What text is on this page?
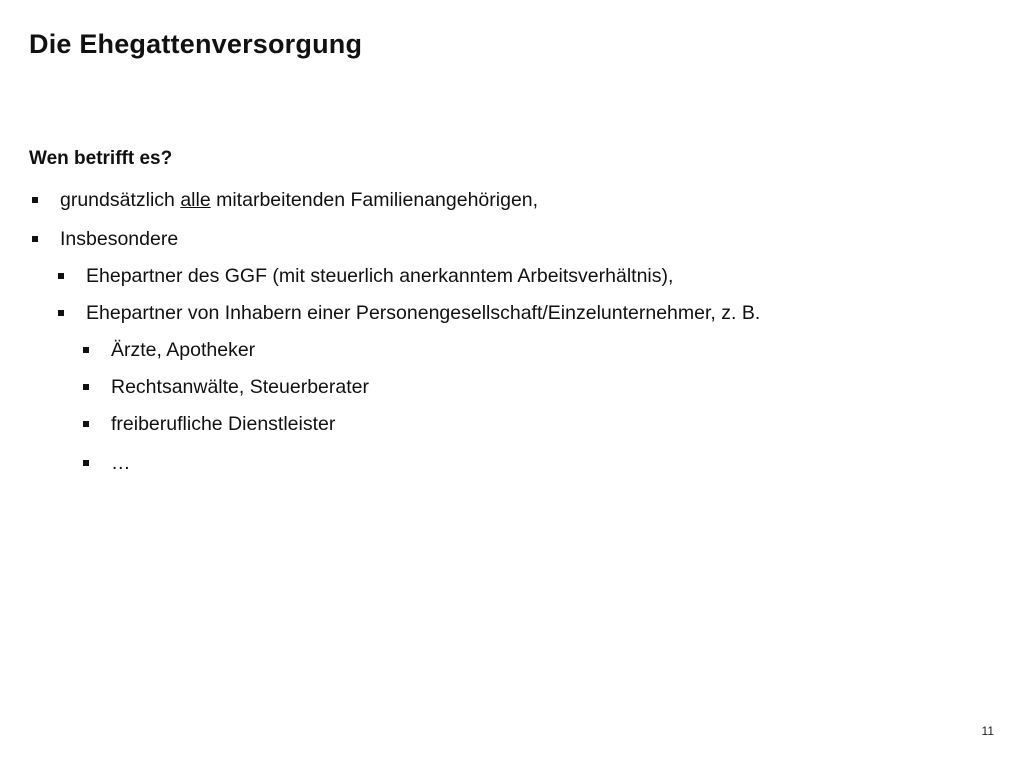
Die Ehegattenversorgung
Wen betrifft es?
grundsätzlich alle mitarbeitenden Familienangehörigen,
Insbesondere
Ehepartner des GGF (mit steuerlich anerkanntem Arbeitsverhältnis),
Ehepartner von Inhabern einer Personengesellschaft/Einzelunternehmer, z. B.
Ärzte, Apotheker
Rechtsanwälte, Steuerberater
freiberufliche Dienstleister
…
11
